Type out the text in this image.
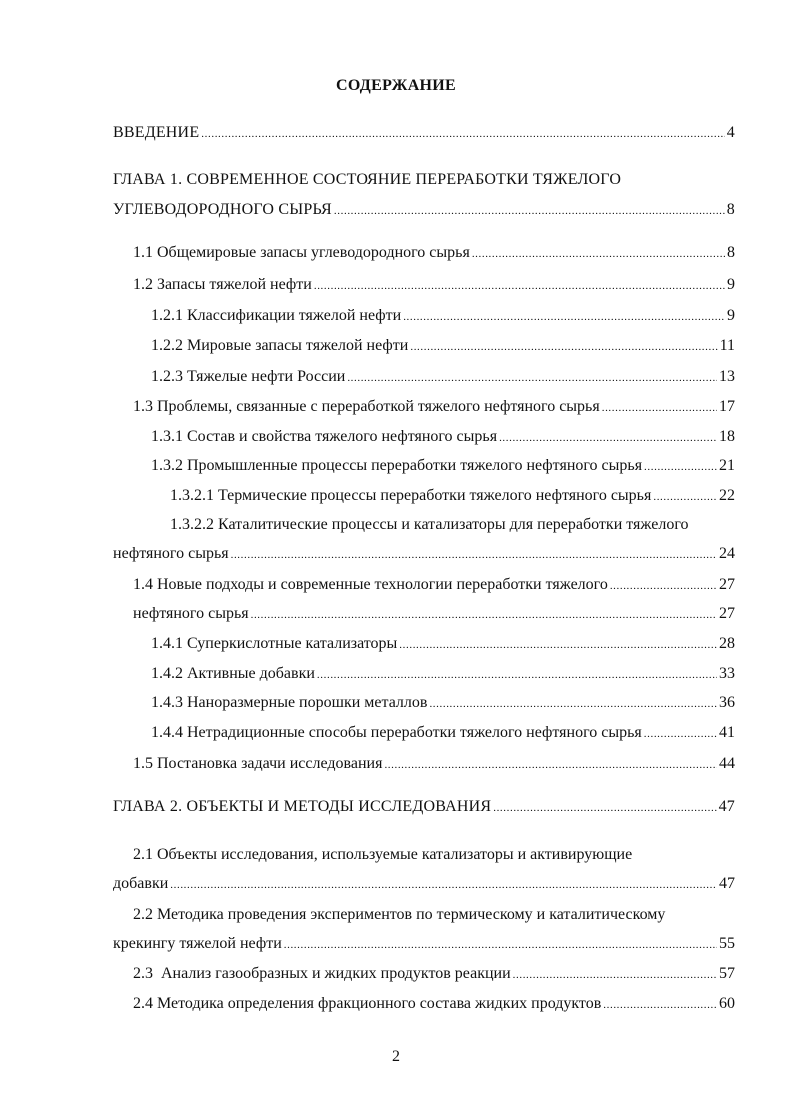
СОДЕРЖАНИЕ
ВВЕДЕНИЕ .....	4
ГЛАВА 1. СОВРЕМЕННОЕ СОСТОЯНИЕ ПЕРЕРАБОТКИ ТЯЖЕЛОГО
УГЛЕВОДОРОДНОГО СЫРЬЯ .....	8
1.1 Общемировые запасы углеводородного сырья .....	8
1.2 Запасы тяжелой нефти .....	9
1.2.1 Классификации тяжелой нефти .....	9
1.2.2 Мировые запасы тяжелой нефти .....	11
1.2.3 Тяжелые нефти России .....	13
1.3 Проблемы, связанные с переработкой тяжелого нефтяного сырья .....	17
1.3.1 Состав и свойства тяжелого нефтяного сырья .....	18
1.3.2 Промышленные процессы переработки тяжелого нефтяного сырья .....	21
1.3.2.1 Термические процессы переработки тяжелого нефтяного сырья .....	22
1.3.2.2 Каталитические процессы и катализаторы для переработки тяжелого
нефтяного сырья .....	24
1.4 Новые подходы и современные технологии переработки тяжелого .....	27
нефтяного сырья .....	27
1.4.1 Суперкислотные катализаторы .....	28
1.4.2 Активные добавки .....	33
1.4.3 Наноразмерные порошки металлов .....	36
1.4.4 Нетрадиционные способы переработки тяжелого нефтяного сырья .....	41
1.5 Постановка задачи исследования .....	44
ГЛАВА 2. ОБЪЕКТЫ И МЕТОДЫ ИССЛЕДОВАНИЯ .....	47
2.1 Объекты исследования, используемые катализаторы и активирующие
добавки .....	47
2.2 Методика проведения экспериментов по термическому и каталитическому
крекингу тяжелой нефти .....	55
2.3  Анализ газообразных и жидких продуктов реакции .....	57
2.4 Методика определения фракционного состава жидких продуктов .....	60
2
